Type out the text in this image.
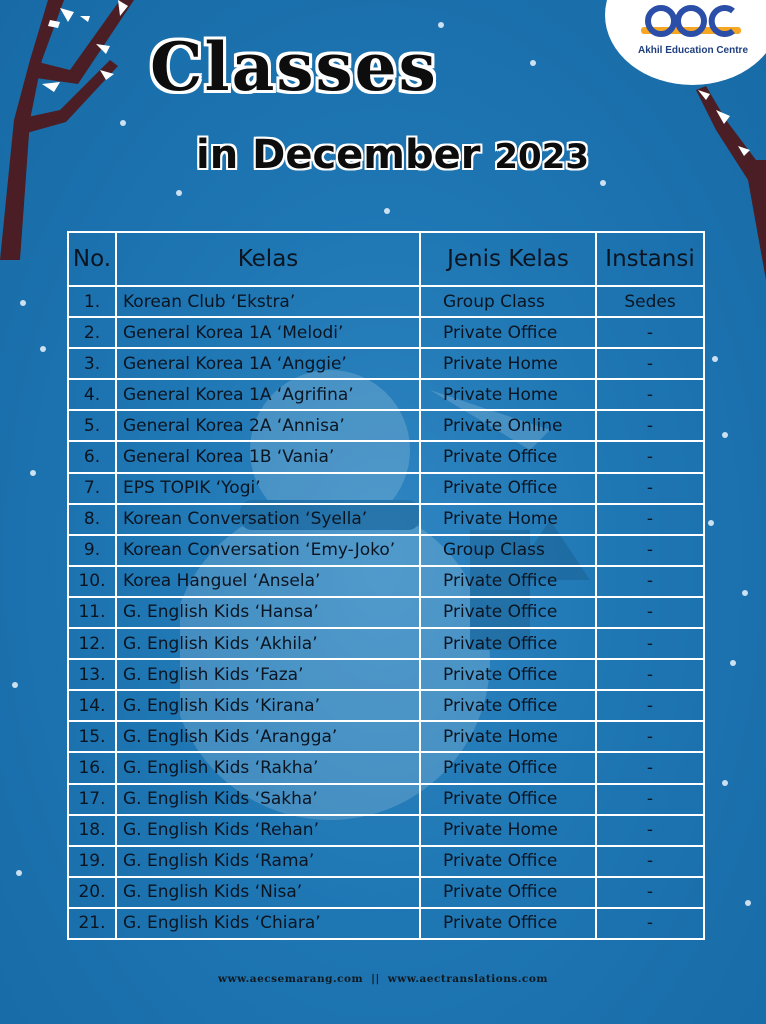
Akhil Education Centre
Classes
in December 2023
No.	Kelas	Jenis Kelas	Instansi
1.	Korean Club ‘Ekstra’	Group Class	Sedes
2.	General Korea 1A ‘Melodi’	Private Office	-
3.	General Korea 1A ‘Anggie’	Private Home	-
4.	General Korea 1A ‘Agrifina’	Private Home	-
5.	General Korea 2A ‘Annisa’	Private Online	-
6.	General Korea 1B ‘Vania’	Private Office	-
7.	EPS TOPIK ‘Yogi’	Private Office	-
8.	Korean Conversation ‘Syella’	Private Home	-
9.	Korean Conversation ‘Emy-Joko’	Group Class	-
10.	Korea Hanguel ‘Ansela’	Private Office	-
11.	G. English Kids ‘Hansa’	Private Office	-
12.	G. English Kids ‘Akhila’	Private Office	-
13.	G. English Kids ‘Faza’	Private Office	-
14.	G. English Kids ‘Kirana’	Private Office	-
15.	G. English Kids ‘Arangga’	Private Home	-
16.	G. English Kids ‘Rakha’	Private Office	-
17.	G. English Kids ‘Sakha’	Private Office	-
18.	G. English Kids ‘Rehan’	Private Home	-
19.	G. English Kids ‘Rama’	Private Office	-
20.	G. English Kids ‘Nisa’	Private Office	-
21.	G. English Kids ‘Chiara’	Private Office	-
www.aecsemarang.com || www.aectranslations.com
